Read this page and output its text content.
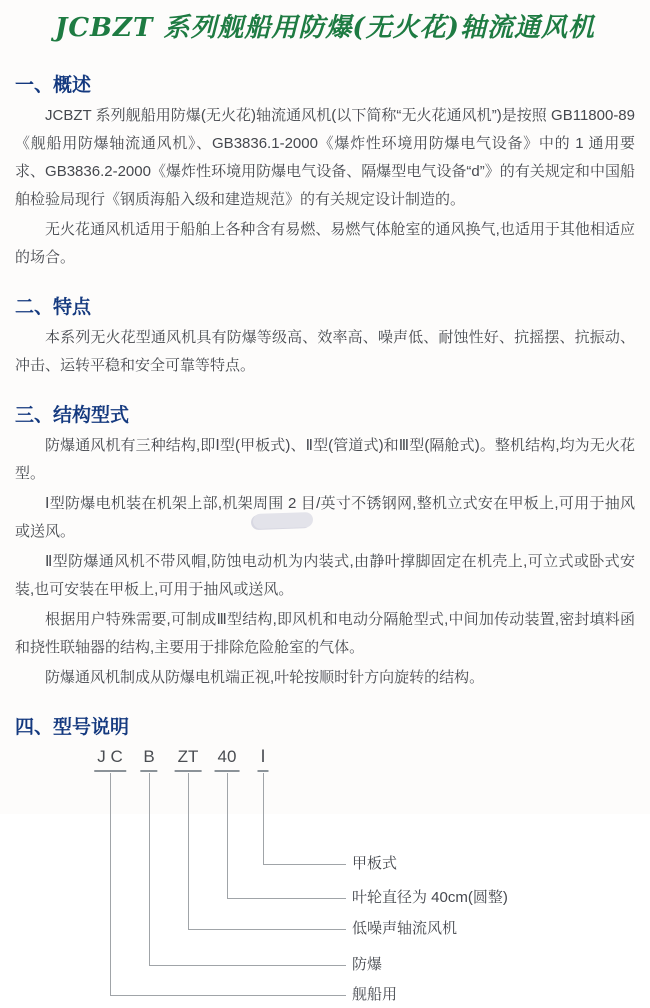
JCBZT 系列舰船用防爆(无火花)轴流通风机
一、概述

JCBZT 系列舰船用防爆(无火花)轴流通风机(以下简称“无火花通风机”)是按照 GB11800-89《舰船用防爆轴流通风机》、GB3836.1-2000《爆炸性环境用防爆电气设备》中的 1 通用要求、GB3836.2-2000《爆炸性环境用防爆电气设备、隔爆型电气设备“d”》的有关规定和中国船舶检验局现行《钢质海船入级和建造规范》的有关规定设计制造的。

无火花通风机适用于船舶上各种含有易燃、易燃气体舱室的通风换气,也适用于其他相适应的场合。

二、特点

本系列无火花型通风机具有防爆等级高、效率高、噪声低、耐蚀性好、抗摇摆、抗振动、冲击、运转平稳和安全可靠等特点。

三、结构型式

防爆通风机有三种结构,即Ⅰ型(甲板式)、Ⅱ型(管道式)和Ⅲ型(隔舱式)。整机结构,均为无火花型。

Ⅰ型防爆电机装在机架上部,机架周围 2 目/英寸不锈钢网,整机立式安在甲板上,可用于抽风或送风。

Ⅱ型防爆通风机不带风帽,防蚀电动机为内装式,由静叶撑脚固定在机壳上,可立式或卧式安装,也可安装在甲板上,可用于抽风或送风。

根据用户特殊需要,可制成Ⅲ型结构,即风机和电动分隔舱型式,中间加传动装置,密封填料函和挠性联轴器的结构,主要用于排除危险舱室的气体。

防爆通风机制成从防爆电机端正视,叶轮按顺时针方向旋转的结构。

四、型号说明
J C B ZT 40 Ⅰ
甲板式
叶轮直径为 40cm(圆整)
低噪声轴流风机
防爆
舰船用
